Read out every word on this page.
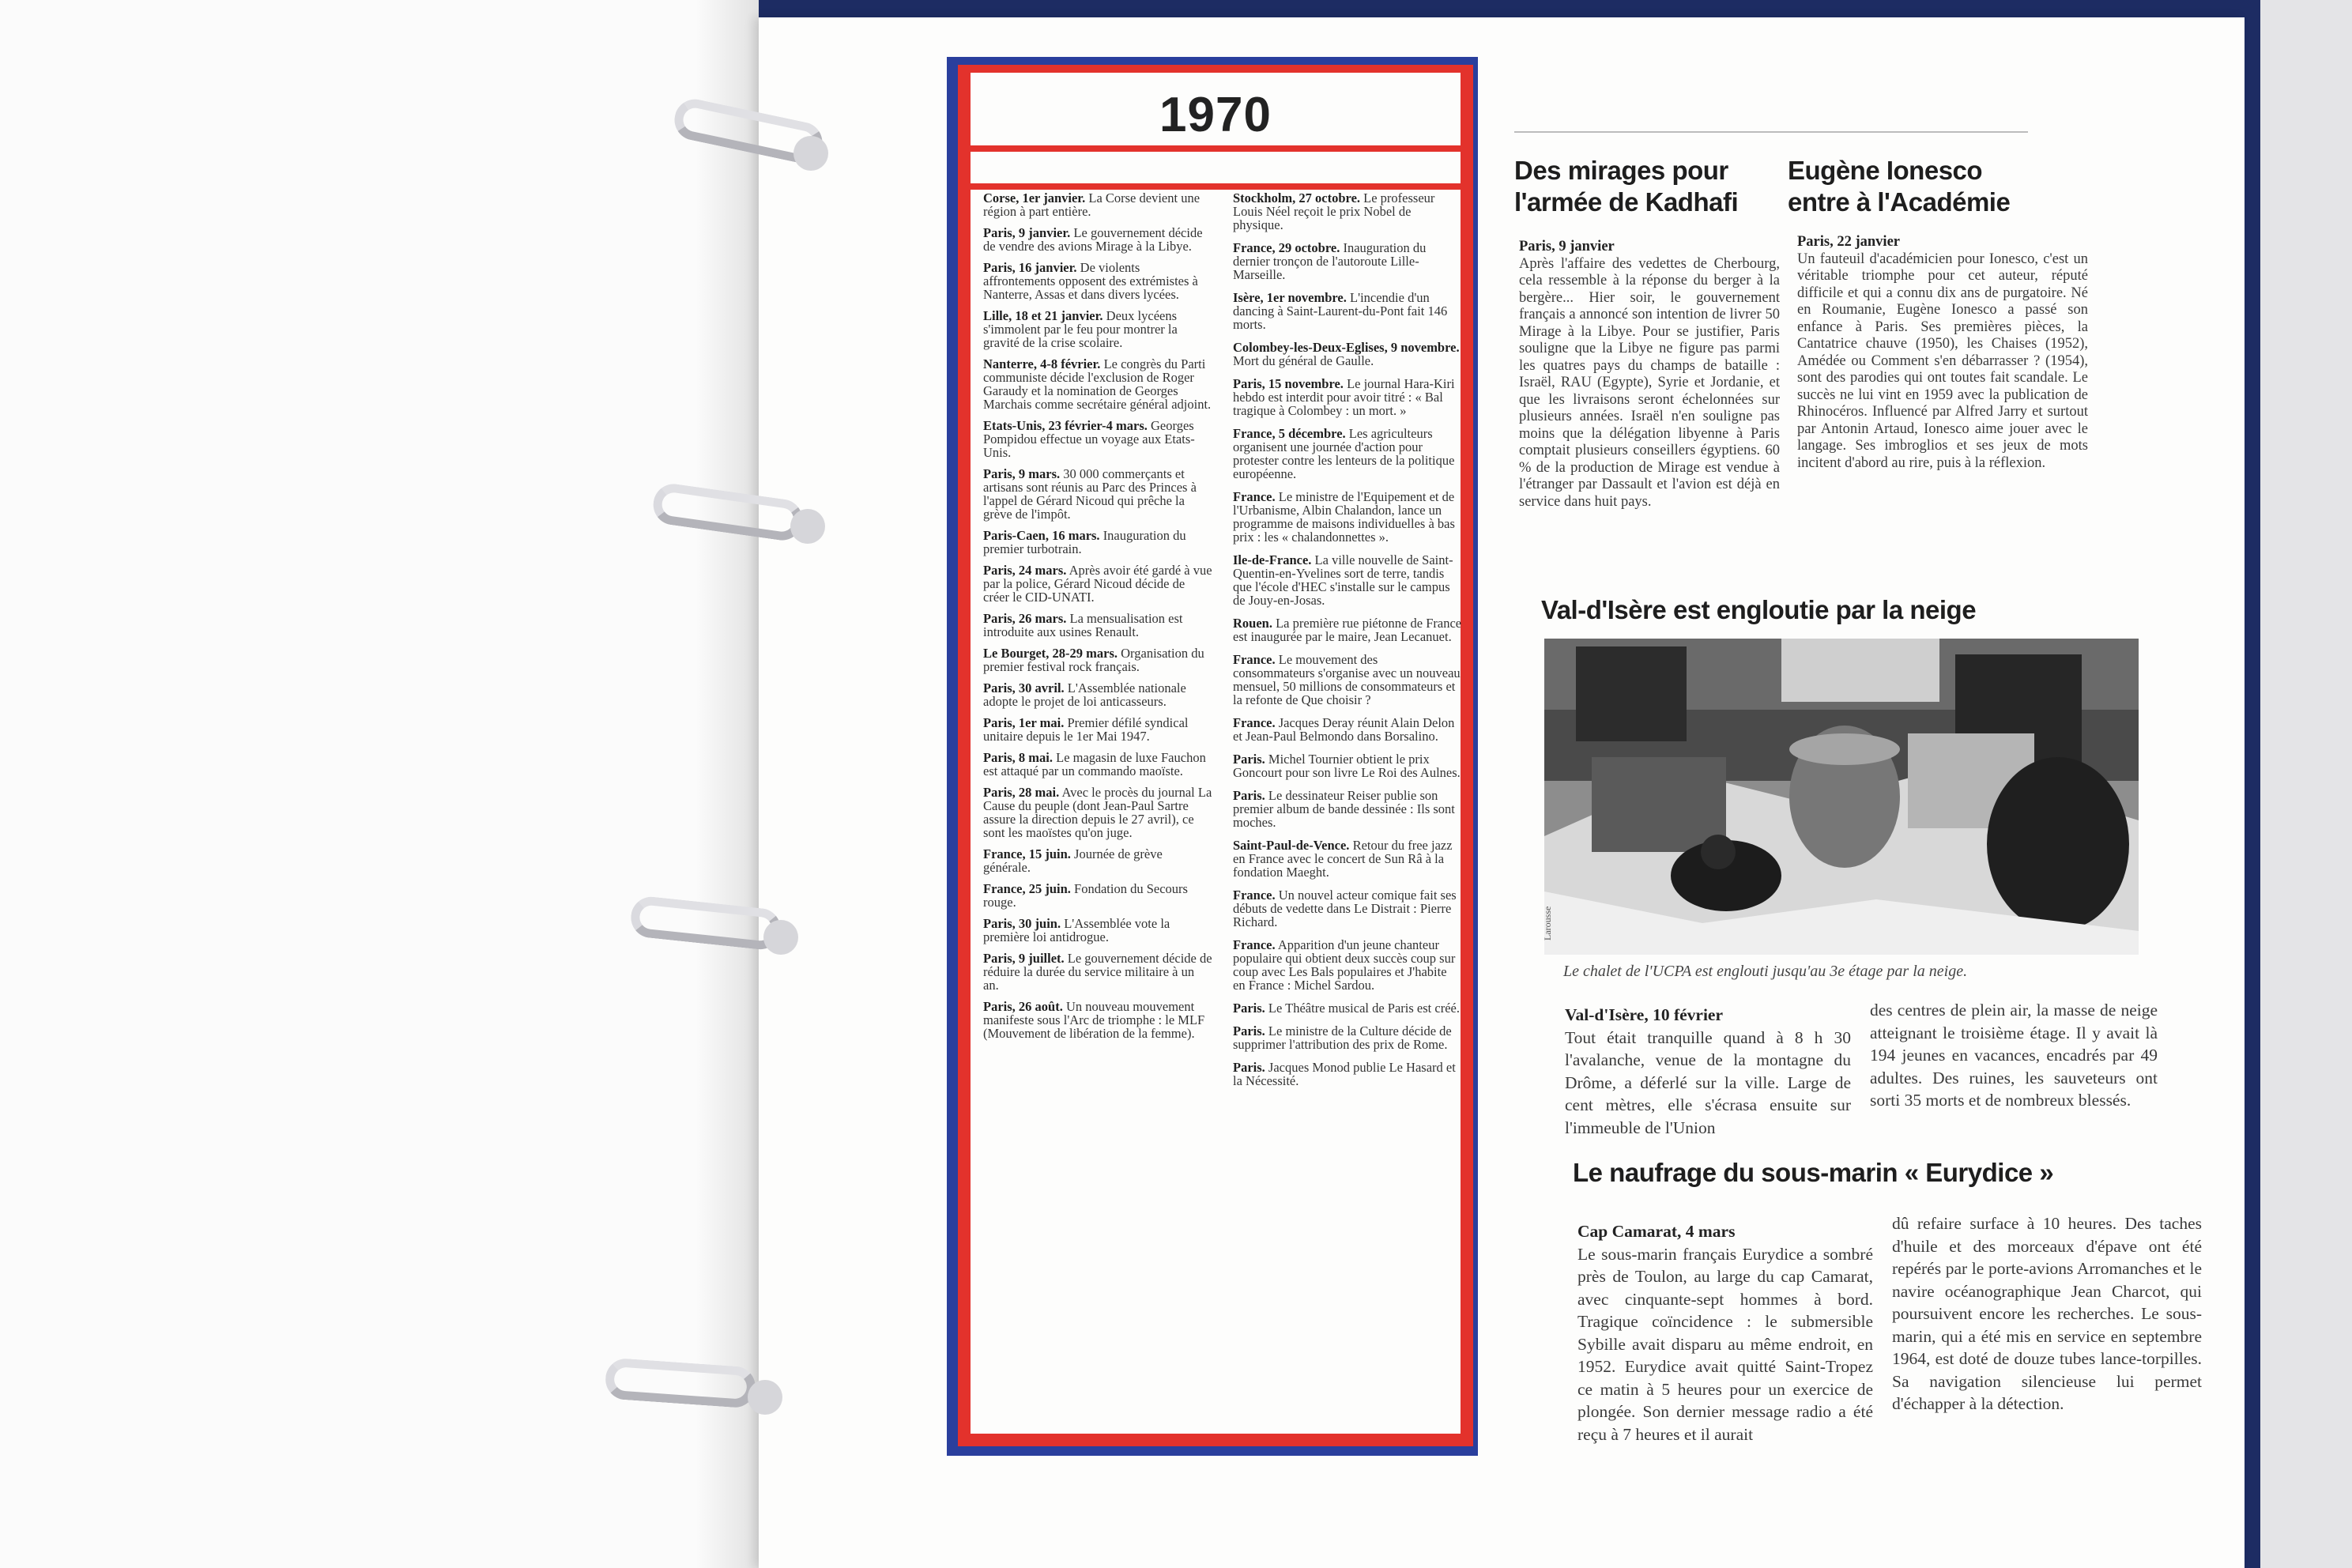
1970
Corse, 1er janvier. La Corse devient une région à part entière.
Paris, 9 janvier. Le gouvernement décide de vendre des avions Mirage à la Libye.
Paris, 16 janvier. De violents affrontements opposent des extrémistes à Nanterre, Assas et dans divers lycées.
Lille, 18 et 21 janvier. Deux lycéens s'immolent par le feu pour montrer la gravité de la crise scolaire.
Nanterre, 4-8 février. Le congrès du Parti communiste décide l'exclusion de Roger Garaudy et la nomination de Georges Marchais comme secrétaire général adjoint.
Etats-Unis, 23 février-4 mars. Georges Pompidou effectue un voyage aux Etats-Unis.
Paris, 9 mars. 30 000 commerçants et artisans sont réunis au Parc des Princes à l'appel de Gérard Nicoud qui prêche la grève de l'impôt.
Paris-Caen, 16 mars. Inauguration du premier turbotrain.
Paris, 24 mars. Après avoir été gardé à vue par la police, Gérard Nicoud décide de créer le CID-UNATI.
Paris, 26 mars. La mensualisation est introduite aux usines Renault.
Le Bourget, 28-29 mars. Organisation du premier festival rock français.
Paris, 30 avril. L'Assemblée nationale adopte le projet de loi anticasseurs.
Paris, 1er mai. Premier défilé syndical unitaire depuis le 1er Mai 1947.
Paris, 8 mai. Le magasin de luxe Fauchon est attaqué par un commando maoïste.
Paris, 28 mai. Avec le procès du journal La Cause du peuple (dont Jean-Paul Sartre assure la direction depuis le 27 avril), ce sont les maoïstes qu'on juge.
France, 15 juin. Journée de grève générale.
France, 25 juin. Fondation du Secours rouge.
Paris, 30 juin. L'Assemblée vote la première loi antidrogue.
Paris, 9 juillet. Le gouvernement décide de réduire la durée du service militaire à un an.
Paris, 26 août. Un nouveau mouvement manifeste sous l'Arc de triomphe : le MLF (Mouvement de libération de la femme).
Stockholm, 27 octobre. Le professeur Louis Néel reçoit le prix Nobel de physique.
France, 29 octobre. Inauguration du dernier tronçon de l'autoroute Lille-Marseille.
Isère, 1er novembre. L'incendie d'un dancing à Saint-Laurent-du-Pont fait 146 morts.
Colombey-les-Deux-Eglises, 9 novembre. Mort du général de Gaulle.
Paris, 15 novembre. Le journal Hara-Kiri hebdo est interdit pour avoir titré : « Bal tragique à Colombey : un mort. »
France, 5 décembre. Les agriculteurs organisent une journée d'action pour protester contre les lenteurs de la politique européenne.
France. Le ministre de l'Equipement et de l'Urbanisme, Albin Chalandon, lance un programme de maisons individuelles à bas prix : les « chalandonnettes ».
Ile-de-France. La ville nouvelle de Saint-Quentin-en-Yvelines sort de terre, tandis que l'école d'HEC s'installe sur le campus de Jouy-en-Josas.
Rouen. La première rue piétonne de France est inaugurée par le maire, Jean Lecanuet.
France. Le mouvement des consommateurs s'organise avec un nouveau mensuel, 50 millions de consommateurs et la refonte de Que choisir ?
France. Jacques Deray réunit Alain Delon et Jean-Paul Belmondo dans Borsalino.
Paris. Michel Tournier obtient le prix Goncourt pour son livre Le Roi des Aulnes.
Paris. Le dessinateur Reiser publie son premier album de bande dessinée : Ils sont moches.
Saint-Paul-de-Vence. Retour du free jazz en France avec le concert de Sun Râ à la fondation Maeght.
France. Un nouvel acteur comique fait ses débuts de vedette dans Le Distrait : Pierre Richard.
France. Apparition d'un jeune chanteur populaire qui obtient deux succès coup sur coup avec Les Bals populaires et J'habite en France : Michel Sardou.
Paris. Le Théâtre musical de Paris est créé.
Paris. Le ministre de la Culture décide de supprimer l'attribution des prix de Rome.
Paris. Jacques Monod publie Le Hasard et la Nécessité.
Des mirages pour l'armée de Kadhafi
Paris, 9 janvier
Après l'affaire des vedettes de Cherbourg, cela ressemble à la réponse du berger à la bergère... Hier soir, le gouvernement français a annoncé son intention de livrer 50 Mirage à la Libye. Pour se justifier, Paris souligne que la Libye ne figure pas parmi les quatres pays du champs de bataille : Israël, RAU (Egypte), Syrie et Jordanie, et que les livraisons seront échelonnées sur plusieurs années. Israël n'en souligne pas moins que la délégation libyenne à Paris comptait plusieurs conseillers égyptiens. 60 % de la production de Mirage est vendue à l'étranger par Dassault et l'avion est déjà en service dans huit pays.
Eugène Ionesco entre à l'Académie
Paris, 22 janvier
Un fauteuil d'académicien pour Ionesco, c'est un véritable triomphe pour cet auteur, réputé difficile et qui a connu dix ans de purgatoire. Né en Roumanie, Eugène Ionesco a passé son enfance à Paris. Ses premières pièces, la Cantatrice chauve (1950), les Chaises (1952), Amédée ou Comment s'en débarrasser ? (1954), sont des parodies qui ont toutes fait scandale. Le succès ne lui vint en 1959 avec la publication de Rhinocéros. Influencé par Alfred Jarry et surtout par Antonin Artaud, Ionesco aime jouer avec le langage. Ses imbroglios et ses jeux de mots incitent d'abord au rire, puis à la réflexion.
Val-d'Isère est engloutie par la neige
Larousse
Le chalet de l'UCPA est englouti jusqu'au 3e étage par la neige.
Val-d'Isère, 10 février
Tout était tranquille quand à 8 h 30 l'avalanche, venue de la montagne du Drôme, a déferlé sur la ville. Large de cent mètres, elle s'écrasa ensuite sur l'immeuble de l'Union
des centres de plein air, la masse de neige atteignant le troisième étage. Il y avait là 194 jeunes en vacances, encadrés par 49 adultes. Des ruines, les sauveteurs ont sorti 35 morts et de nombreux blessés.
Le naufrage du sous-marin « Eurydice »
Cap Camarat, 4 mars
Le sous-marin français Eurydice a sombré près de Toulon, au large du cap Camarat, avec cinquante-sept hommes à bord. Tragique coïncidence : le submersible Sybille avait disparu au même endroit, en 1952. Eurydice avait quitté Saint-Tropez ce matin à 5 heures pour un exercice de plongée. Son dernier message radio a été reçu à 7 heures et il aurait
dû refaire surface à 10 heures. Des taches d'huile et des morceaux d'épave ont été repérés par le porte-avions Arromanches et le navire océanographique Jean Charcot, qui poursuivent encore les recherches. Le sous-marin, qui a été mis en service en septembre 1964, est doté de douze tubes lance-torpilles. Sa navigation silencieuse lui permet d'échapper à la détection.
